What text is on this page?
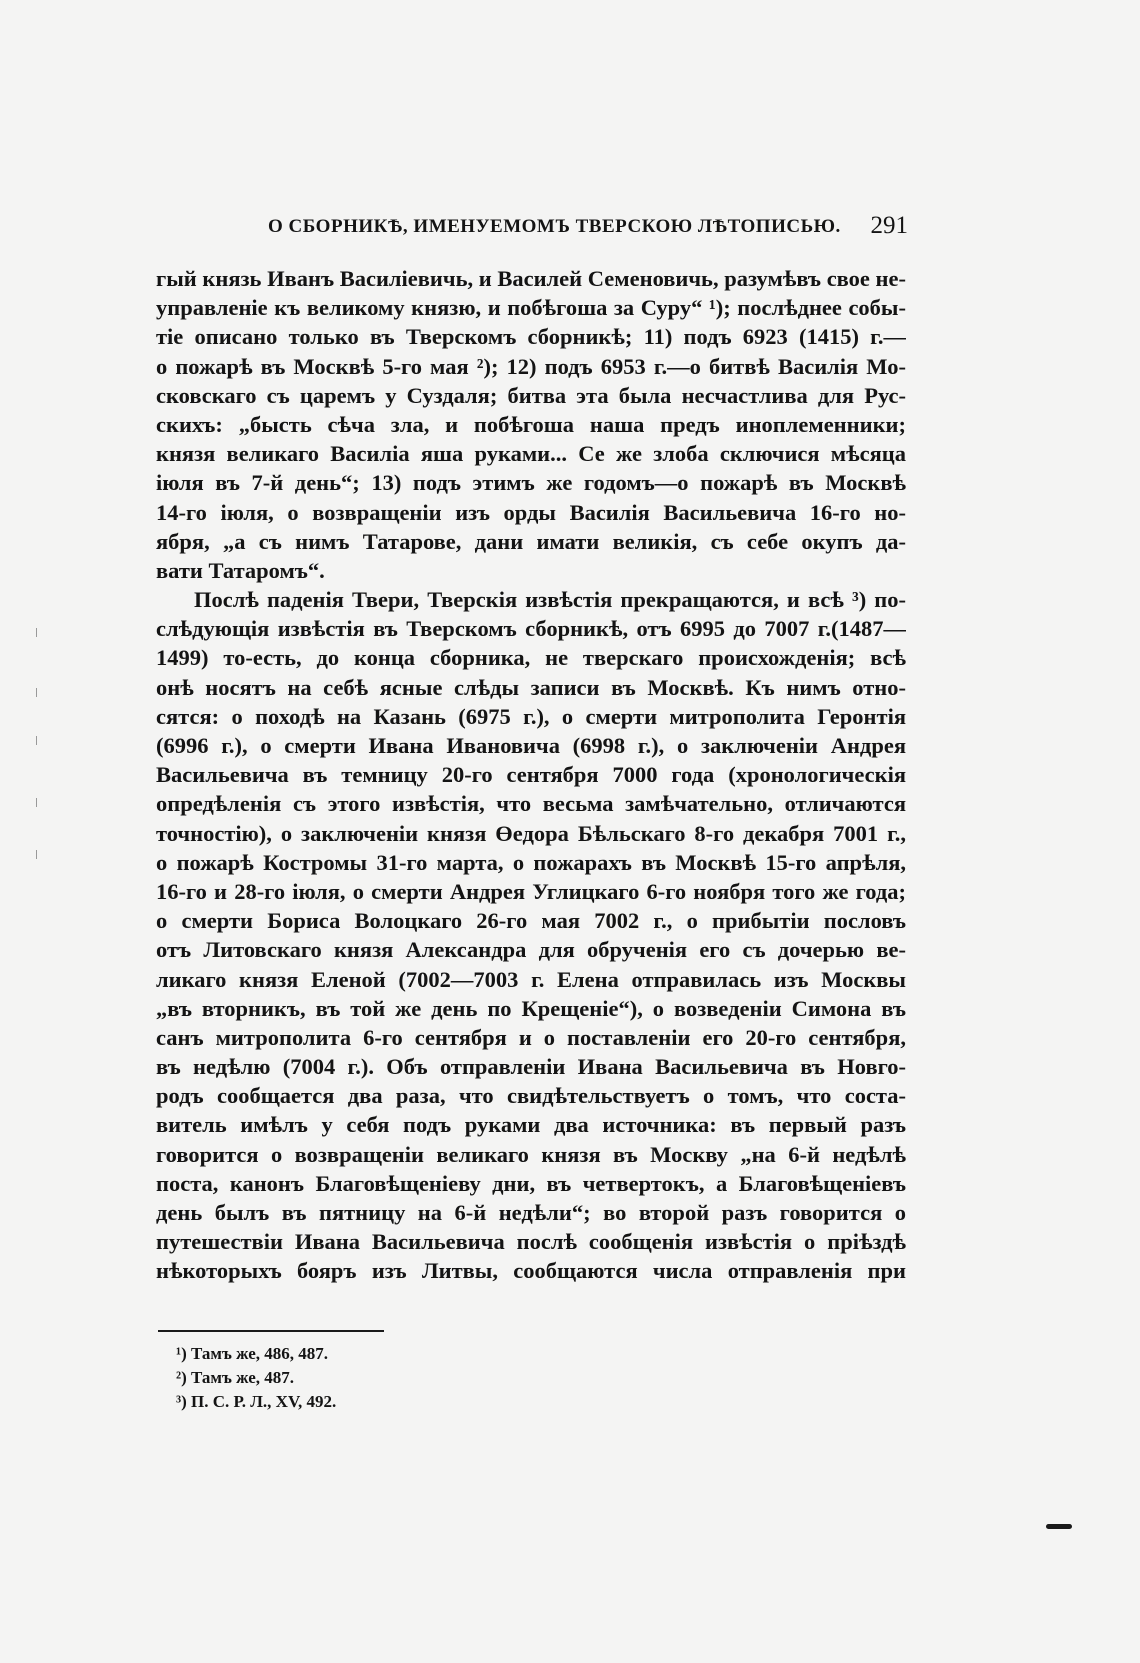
О СБОРНИКѢ, ИМЕНУЕМОМЪ ТВЕРСКОЮ ЛѢТОПИСЬЮ. 291
гый князь Иванъ Василіевичь, и Василей Семеновичь, разумѣвъ свое не-
управленіе къ великому князю, и побѣгоша за Суру“ ¹); послѣднее собы-
тіе описано только въ Тверскомъ сборникѣ; 11) подъ 6923 (1415) г.—
о пожарѣ въ Москвѣ 5-го мая ²); 12) подъ 6953 г.—о битвѣ Василія Мо-
сковскаго съ царемъ у Суздаля; битва эта была несчастлива для Рус-
скихъ: „бысть сѣча зла, и побѣгоша наша предъ иноплеменники;
князя великаго Василіа яша руками... Се же злоба сключися мѣсяца
іюля въ 7-й день“; 13) подъ этимъ же годомъ—о пожарѣ въ Москвѣ
14-го іюля, о возвращеніи изъ орды Василія Васильевича 16-го но-
ября, „а съ нимъ Татарове, дани имати великія, съ себе окупъ да-
вати Татаромъ“.
Послѣ паденія Твери, Тверскія извѣстія прекращаются, и всѣ ³) по-
слѣдующія извѣстія въ Тверскомъ сборникѣ, отъ 6995 до 7007 г.(1487—
1499) то-есть, до конца сборника, не тверскаго происхожденія; всѣ
онѣ носятъ на себѣ ясные слѣды записи въ Москвѣ. Къ нимъ отно-
сятся: о походѣ на Казань (6975 г.), о смерти митрополита Геронтія
(6996 г.), о смерти Ивана Ивановича (6998 г.), о заключеніи Андрея
Васильевича въ темницу 20-го сентября 7000 года (хронологическія
опредѣленія съ этого извѣстія, что весьма замѣчательно, отличаются
точностію), о заключеніи князя Өедора Бѣльскаго 8-го декабря 7001 г.,
о пожарѣ Костромы 31-го марта, о пожарахъ въ Москвѣ 15-го апрѣля,
16-го и 28-го іюля, о смерти Андрея Углицкаго 6-го ноября того же года;
о смерти Бориса Волоцкаго 26-го мая 7002 г., о прибытіи пословъ
отъ Литовскаго князя Александра для обрученія его съ дочерью ве-
ликаго князя Еленой (7002—7003 г. Елена отправилась изъ Москвы
„въ вторникъ, въ той же день по Крещеніе“), о возведеніи Симона въ
санъ митрополита 6-го сентября и о поставленіи его 20-го сентября,
въ недѣлю (7004 г.). Объ отправленіи Ивана Васильевича въ Новго-
родъ сообщается два раза, что свидѣтельствуетъ о томъ, что соста-
витель имѣлъ у себя подъ руками два источника: въ первый разъ
говорится о возвращеніи великаго князя въ Москву „на 6-й недѣлѣ
поста, канонъ Благовѣщеніеву дни, въ четвертокъ, а Благовѣщеніевъ
день былъ въ пятницу на 6-й недѣли“; во второй разъ говорится о
путешествіи Ивана Васильевича послѣ сообщенія извѣстія о пріѣздѣ
нѣкоторыхъ бояръ изъ Литвы, сообщаются числа отправленія при
¹) Тамъ же, 486, 487.
²) Тамъ же, 487.
³) П. С. Р. Л., XV, 492.
